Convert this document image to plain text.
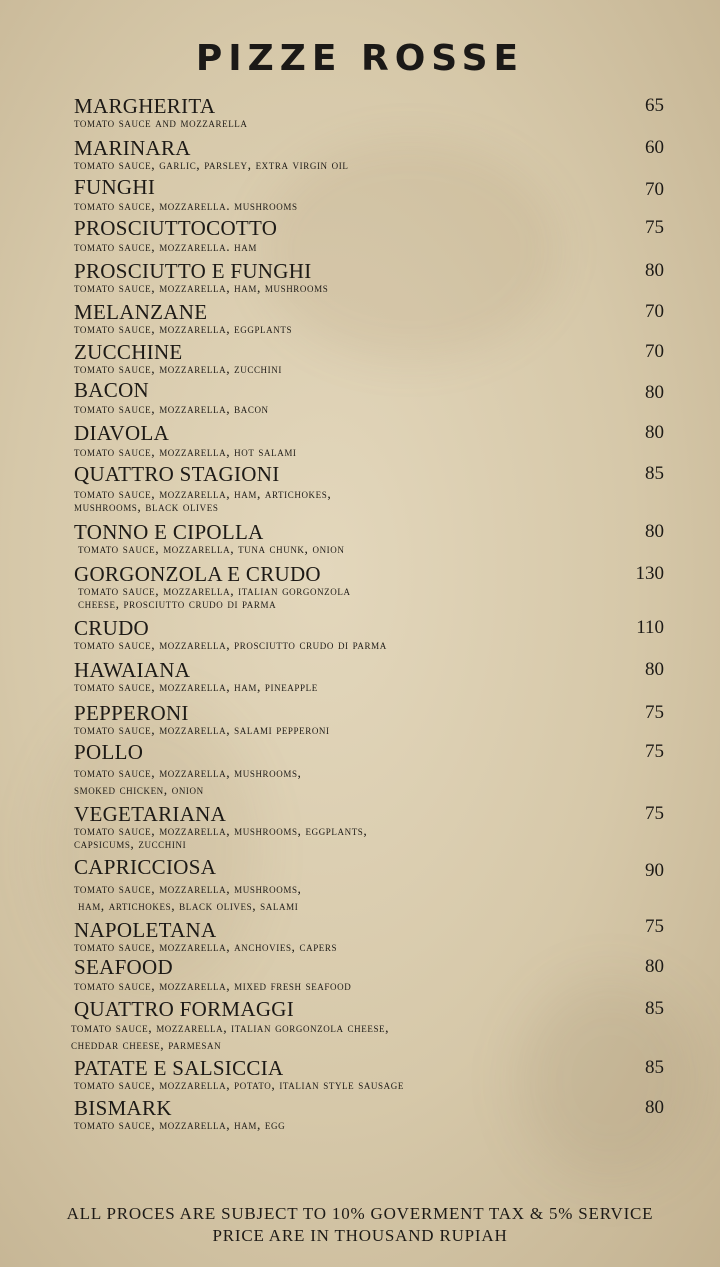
PIZZE ROSSE
MARGHERITA
tomato sauce and mozzarella
65
MARINARA
tomato sauce, garlic, parsley, extra virgin oil
60
FUNGHI
tomato sauce, mozzarella. mushrooms
70
PROSCIUTTOCOTTO
tomato sauce, mozzarella. ham
75
PROSCIUTTO E FUNGHI
tomato sauce, mozzarella, ham, mushrooms
80
MELANZANE
tomato sauce, mozzarella, eggplants
70
ZUCCHINE
tomato sauce, mozzarella, zucchini
70
BACON
tomato sauce, mozzarella, bacon
80
DIAVOLA
tomato sauce, mozzarella, hot salami
80
QUATTRO STAGIONI
tomato sauce, mozzarella, ham, artichokes,
mushrooms, black olives
85
TONNO E CIPOLLA
tomato sauce, mozzarella, tuna chunk, onion
80
GORGONZOLA E CRUDO
tomato sauce, mozzarella, italian gorgonzola
cheese, prosciutto crudo di parma
130
CRUDO
tomato sauce, mozzarella, prosciutto crudo di parma
110
HAWAIANA
tomato sauce, mozzarella, ham, pineapple
80
PEPPERONI
tomato sauce, mozzarella, salami pepperoni
75
POLLO
tomato sauce, mozzarella, mushrooms,
smoked chicken, onion
75
VEGETARIANA
tomato sauce, mozzarella, mushrooms, eggplants,
capsicums, zucchini
75
CAPRICCIOSA
tomato sauce, mozzarella, mushrooms,
ham, artichokes, black olives, salami
90
NAPOLETANA
tomato sauce, mozzarella, anchovies, capers
75
SEAFOOD
tomato sauce, mozzarella, mixed fresh seafood
80
QUATTRO FORMAGGI
tomato sauce, mozzarella, italian gorgonzola cheese,
cheddar cheese, parmesan
85
PATATE E SALSICCIA
tomato sauce, mozzarella, potato, italian style sausage
85
BISMARK
tomato sauce, mozzarella, ham, egg
80
ALL PROCES ARE SUBJECT TO 10% GOVERMENT TAX & 5% SERVICE
PRICE ARE IN THOUSAND RUPIAH
